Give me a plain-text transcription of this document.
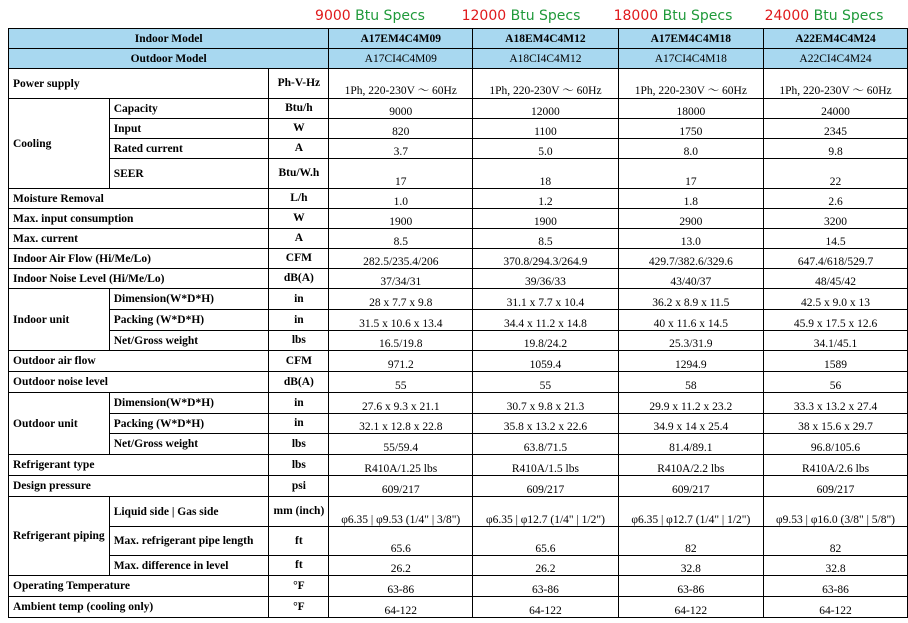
9000 Btu Specs	12000 Btu Specs	18000 Btu Specs	24000 Btu Specs
Indoor Model			A17EM4C4M09	A18EM4C4M12	A17EM4C4M18	A22EM4C4M24
Outdoor Model			A17CI4C4M09	A18CI4C4M12	A17CI4C4M18	A22CI4C4M24
Power supply		Ph-V-Hz	1Ph, 220-230V ～ 60Hz	1Ph, 220-230V ～ 60Hz	1Ph, 220-230V ～ 60Hz	1Ph, 220-230V ～ 60Hz
Cooling	Capacity	Btu/h	9000	12000	18000	24000
	Input	W	820	1100	1750	2345
	Rated current	A	3.7	5.0	8.0	9.8
	SEER	Btu/W.h	17	18	17	22
Moisture Removal		L/h	1.0	1.2	1.8	2.6
Max. input consumption		W	1900	1900	2900	3200
Max. current		A	8.5	8.5	13.0	14.5
Indoor Air Flow (Hi/Me/Lo)		CFM	282.5/235.4/206	370.8/294.3/264.9	429.7/382.6/329.6	647.4/618/529.7
Indoor Noise Level (Hi/Me/Lo)		dB(A)	37/34/31	39/36/33	43/40/37	48/45/42
Indoor unit	Dimension(W*D*H)	in	28 x 7.7 x 9.8	31.1 x 7.7 x 10.4	36.2 x 8.9 x 11.5	42.5 x 9.0 x 13
	Packing (W*D*H)	in	31.5 x 10.6 x 13.4	34.4 x 11.2 x 14.8	40 x 11.6 x 14.5	45.9 x 17.5 x 12.6
	Net/Gross weight	lbs	16.5/19.8	19.8/24.2	25.3/31.9	34.1/45.1
Outdoor air flow		CFM	971.2	1059.4	1294.9	1589
Outdoor noise level		dB(A)	55	55	58	56
Outdoor unit	Dimension(W*D*H)	in	27.6 x 9.3 x 21.1	30.7 x 9.8 x 21.3	29.9 x 11.2 x 23.2	33.3 x 13.2 x 27.4
	Packing (W*D*H)	in	32.1 x 12.8 x 22.8	35.8 x 13.2 x 22.6	34.9 x 14 x 25.4	38 x 15.6 x 29.7
	Net/Gross weight	lbs	55/59.4	63.8/71.5	81.4/89.1	96.8/105.6
Refrigerant type		lbs	R410A/1.25 lbs	R410A/1.5 lbs	R410A/2.2 lbs	R410A/2.6 lbs
Design pressure		psi	609/217	609/217	609/217	609/217
Refrigerant piping	Liquid side | Gas side	mm (inch)	φ6.35 | φ9.53 (1/4" | 3/8")	φ6.35 | φ12.7 (1/4" | 1/2")	φ6.35 | φ12.7 (1/4" | 1/2")	φ9.53 | φ16.0 (3/8" | 5/8")
	Max. refrigerant pipe length	ft	65.6	65.6	82	82
	Max. difference in level	ft	26.2	26.2	32.8	32.8
Operating Temperature		°F	63-86	63-86	63-86	63-86
Ambient temp (cooling only)		°F	64-122	64-122	64-122	64-122
